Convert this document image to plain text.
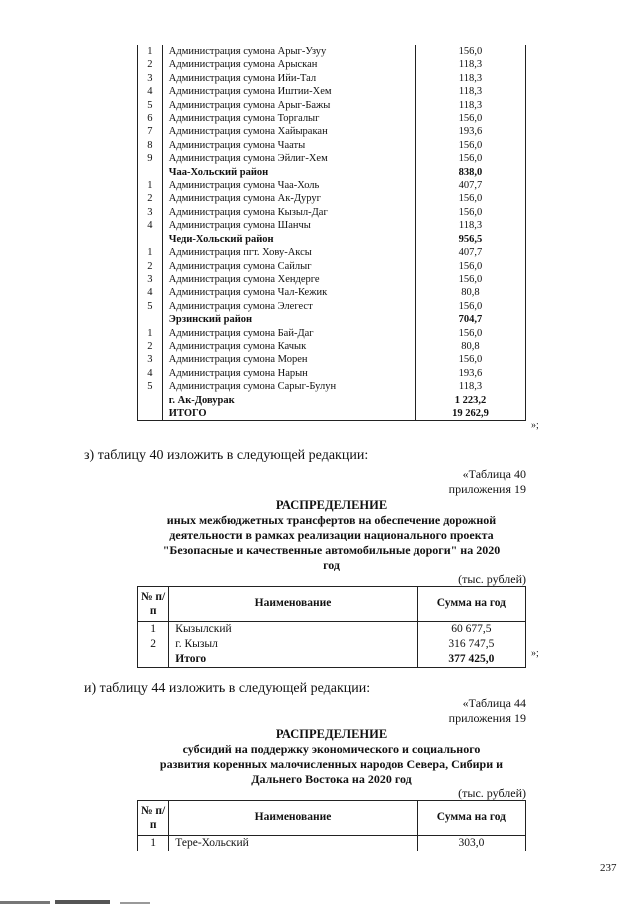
1	Администрация сумона Арыг-Узуу	156,0
2	Администрация сумона Арыскан	118,3
3	Администрация сумона Ийи-Тал	118,3
4	Администрация сумона Иштии-Хем	118,3
5	Администрация сумона Арыг-Бажы	118,3
6	Администрация сумона Торгалыг	156,0
7	Администрация сумона Хайыракан	193,6
8	Администрация сумона Чааты	156,0
9	Администрация сумона Эйлиг-Хем	156,0
	Чаа-Хольский район	838,0
1	Администрация сумона Чаа-Холь	407,7
2	Администрация сумона Ак-Дуруг	156,0
3	Администрация сумона Кызыл-Даг	156,0
4	Администрация сумона Шанчы	118,3
	Чеди-Хольский район	956,5
1	Администрация пгт. Хову-Аксы	407,7
2	Администрация сумона Сайлыг	156,0
3	Администрация сумона Хендерге	156,0
4	Администрация сумона Чал-Кежик	80,8
5	Администрация сумона Элегест	156,0
	Эрзинский район	704,7
1	Администрация сумона Бай-Даг	156,0
2	Администрация сумона Качык	80,8
3	Администрация сумона Морен	156,0
4	Администрация сумона Нарын	193,6
5	Администрация сумона Сарыг-Булун	118,3
	г. Ак-Довурак	1 223,2
	ИТОГО	19 262,9
»;
з) таблицу 40 изложить в следующей редакции:
«Таблица 40
приложения 19
РАСПРЕДЕЛЕНИЕ
иных межбюджетных трансфертов на обеспечение дорожной
деятельности в рамках реализации национального проекта
"Безопасные и качественные автомобильные дороги" на 2020
год
(тыс. рублей)
№ п/п	Наименование	Сумма на год
1	Кызылский	60 677,5
2	г. Кызыл	316 747,5
	Итого	377 425,0	»;
и) таблицу 44 изложить в следующей редакции:
«Таблица 44
приложения 19
РАСПРЕДЕЛЕНИЕ
субсидий на поддержку экономического и социального
развития коренных малочисленных народов Севера, Сибири и
Дальнего Востока на 2020 год
(тыс. рублей)
№ п/п	Наименование	Сумма на год
1	Тере-Хольский	303,0
237
